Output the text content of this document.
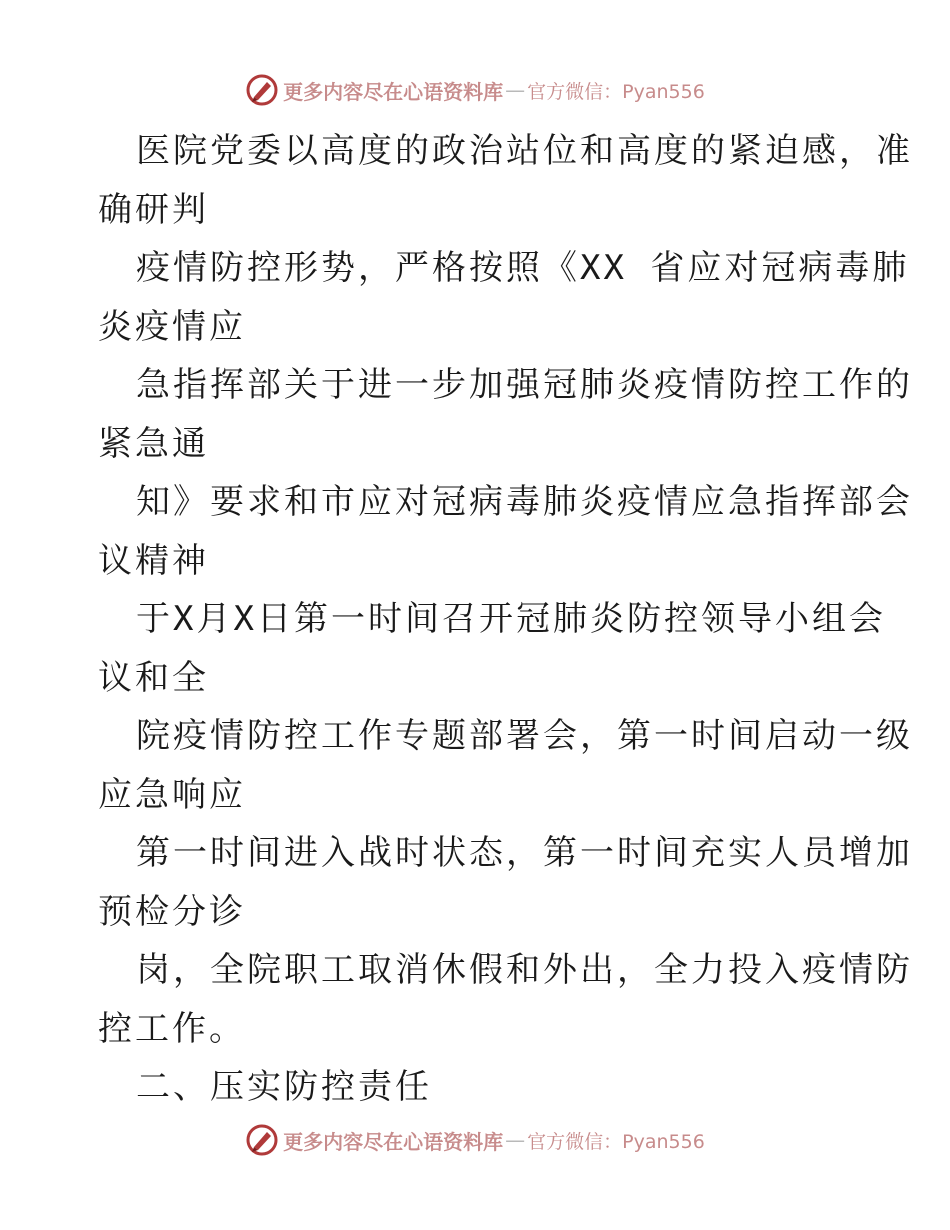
更多内容尽在心语资料库 — 官方微信：Pyan556
医院党委以高度的政治站位和高度的紧迫感，准
确研判
疫情防控形势，严格按照《XX 省应对冠病毒肺
炎疫情应
急指挥部关于进一步加强冠肺炎疫情防控工作的
紧急通
知》要求和市应对冠病毒肺炎疫情应急指挥部会
议精神
于X月X日第一时间召开冠肺炎防控领导小组会
议和全
院疫情防控工作专题部署会，第一时间启动一级
应急响应
第一时间进入战时状态，第一时间充实人员增加
预检分诊
岗，全院职工取消休假和外出，全力投入疫情防
控工作。
二、压实防控责任
更多内容尽在心语资料库 — 官方微信：Pyan556
